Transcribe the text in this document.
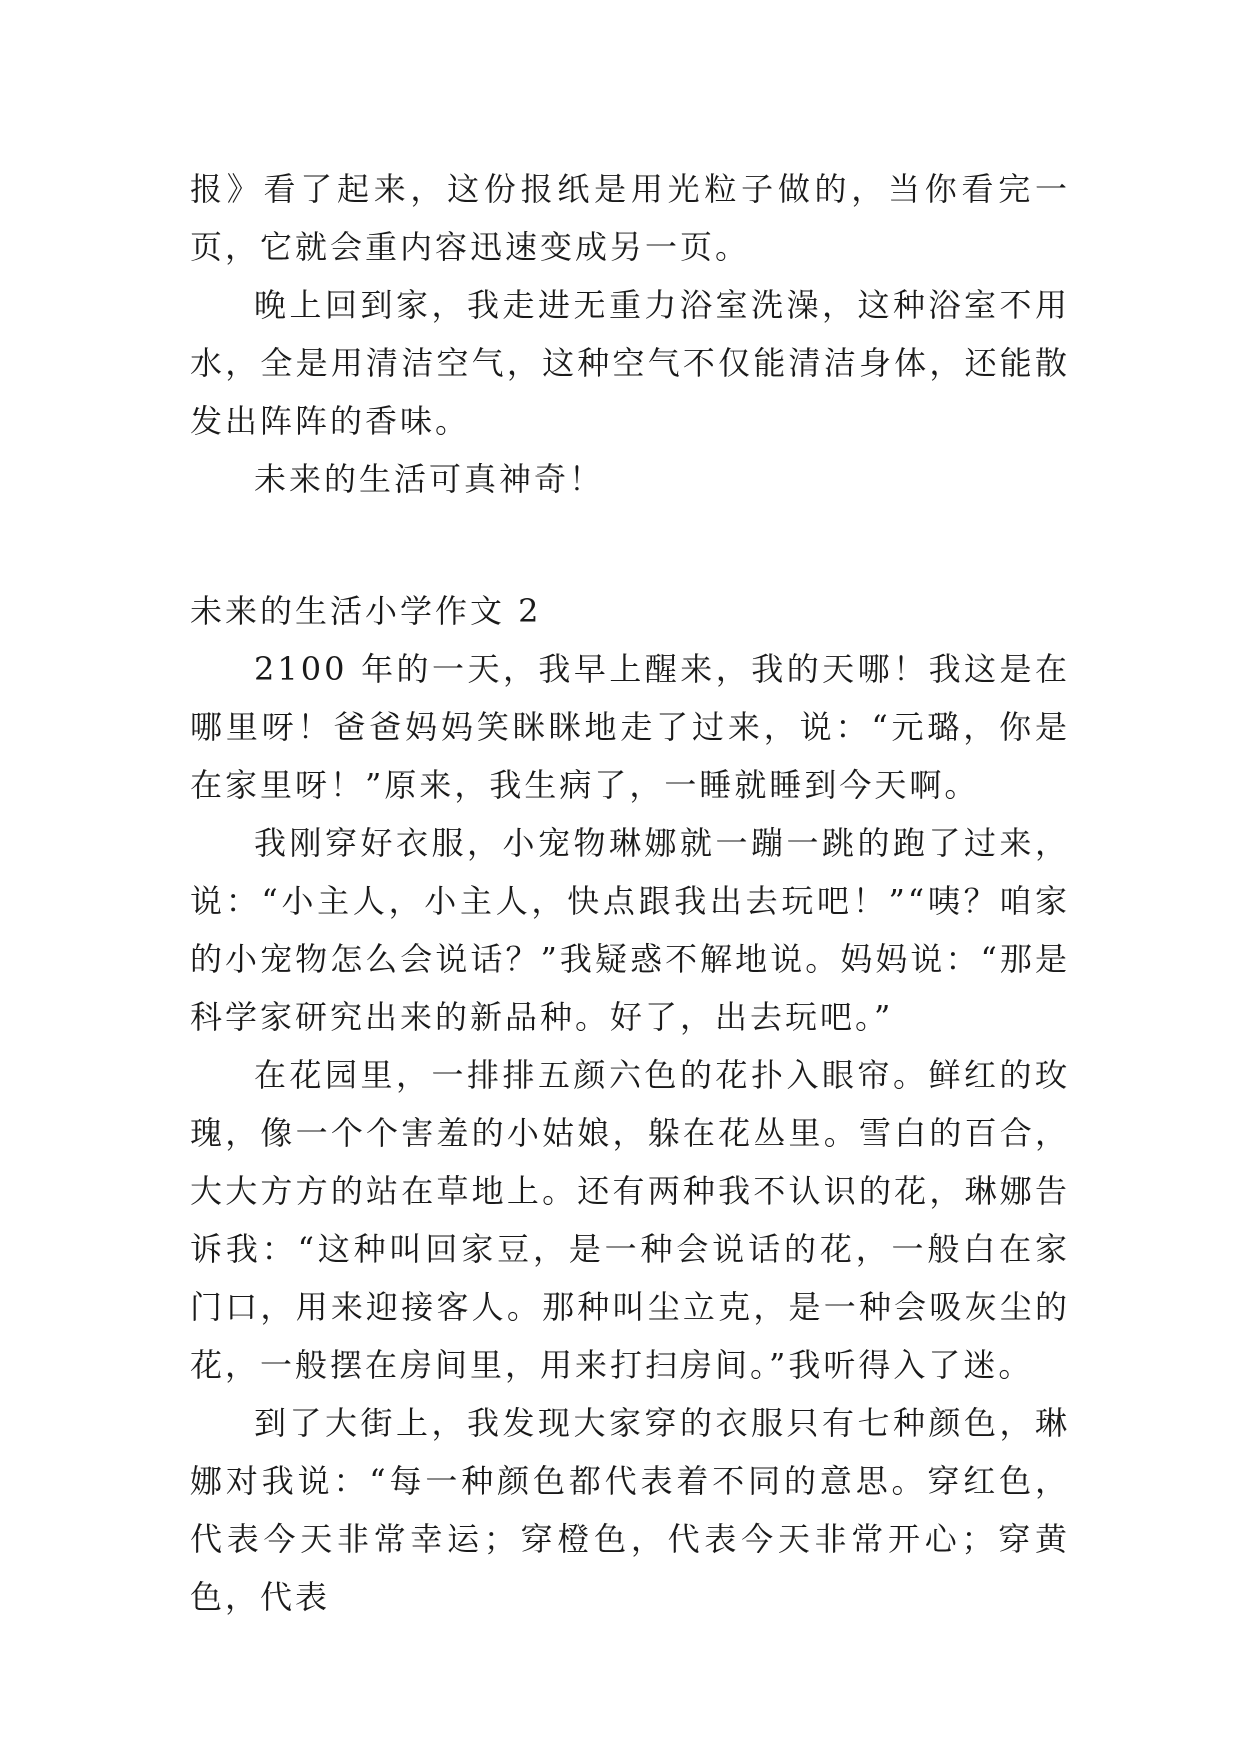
报》看了起来，这份报纸是用光粒子做的，当你看完一页，它就会重内容迅速变成另一页。

晚上回到家，我走进无重力浴室洗澡，这种浴室不用水，全是用清洁空气，这种空气不仅能清洁身体，还能散发出阵阵的香味。

未来的生活可真神奇！

未来的生活小学作文 2

2100 年的一天，我早上醒来，我的天哪！我这是在哪里呀！爸爸妈妈笑眯眯地走了过来，说：“元璐，你是在家里呀！”原来，我生病了，一睡就睡到今天啊。

我刚穿好衣服，小宠物琳娜就一蹦一跳的跑了过来，说：“小主人，小主人，快点跟我出去玩吧！”“咦？咱家的小宠物怎么会说话？”我疑惑不解地说。妈妈说：“那是科学家研究出来的新品种。好了，出去玩吧。”

在花园里，一排排五颜六色的花扑入眼帘。鲜红的玫瑰，像一个个害羞的小姑娘，躲在花丛里。雪白的百合，大大方方的站在草地上。还有两种我不认识的花，琳娜告诉我：“这种叫回家豆，是一种会说话的花，一般白在家门口，用来迎接客人。那种叫尘立克，是一种会吸灰尘的花，一般摆在房间里，用来打扫房间。”我听得入了迷。

到了大街上，我发现大家穿的衣服只有七种颜色，琳娜对我说：“每一种颜色都代表着不同的意思。穿红色，代表今天非常幸运；穿橙色，代表今天非常开心；穿黄色，代表
